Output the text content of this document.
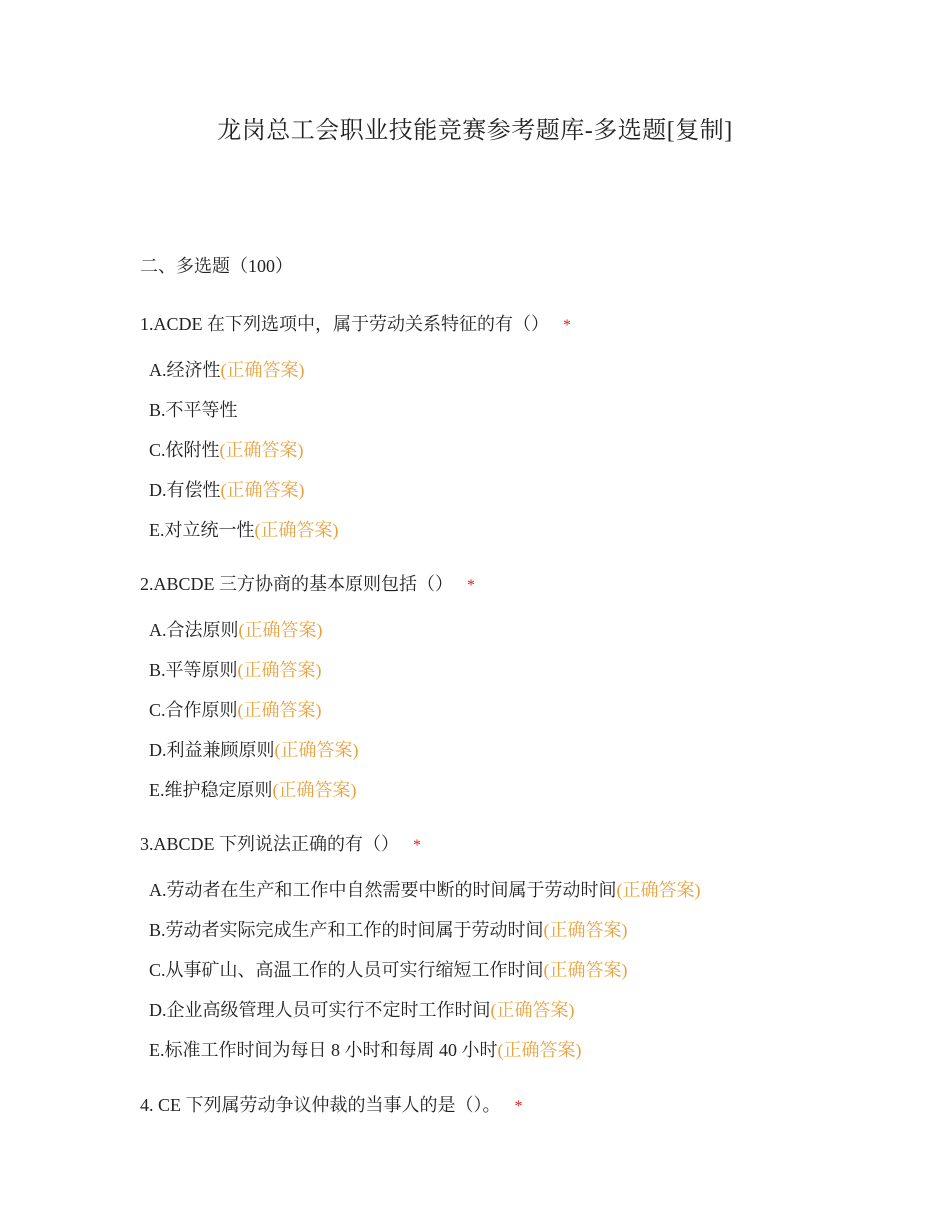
龙岗总工会职业技能竞赛参考题库-多选题[复制]
二、多选题（100）
1.ACDE 在下列选项中，属于劳动关系特征的有（） *
A.经济性(正确答案)
B.不平等性
C.依附性(正确答案)
D.有偿性(正确答案)
E.对立统一性(正确答案)
2.ABCDE 三方协商的基本原则包括（） *
A.合法原则(正确答案)
B.平等原则(正确答案)
C.合作原则(正确答案)
D.利益兼顾原则(正确答案)
E.维护稳定原则(正确答案)
3.ABCDE 下列说法正确的有（） *
A.劳动者在生产和工作中自然需要中断的时间属于劳动时间(正确答案)
B.劳动者实际完成生产和工作的时间属于劳动时间(正确答案)
C.从事矿山、高温工作的人员可实行缩短工作时间(正确答案)
D.企业高级管理人员可实行不定时工作时间(正确答案)
E.标准工作时间为每日 8 小时和每周 40 小时(正确答案)
4. CE 下列属劳动争议仲裁的当事人的是（）。 *
